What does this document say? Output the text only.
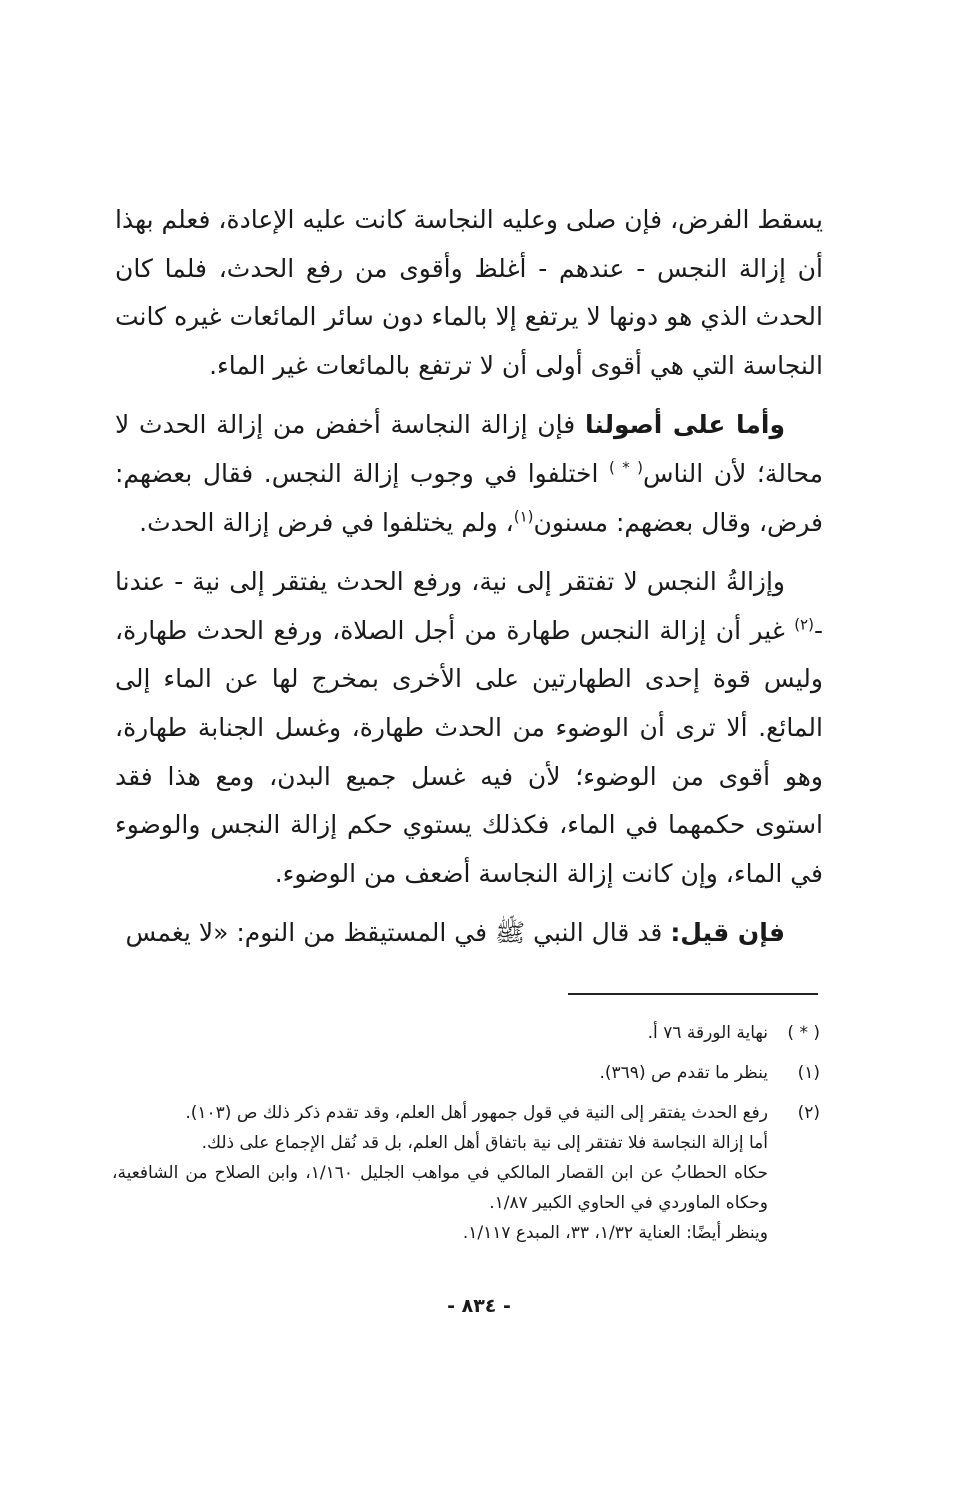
يسقط الفرض، فإن صلى وعليه النجاسة كانت عليه الإعادة، فعلم بهذا أن إزالة النجس - عندهم - أغلظ وأقوى من رفع الحدث، فلما كان الحدث الذي هو دونها لا يرتفع إلا بالماء دون سائر المائعات غيره كانت النجاسة التي هي أقوى أولى أن لا ترتفع بالمائعات غير الماء.

وأما على أصولنا فإن إزالة النجاسة أخفض من إزالة الحدث لا محالة؛ لأن الناس( * ) اختلفوا في وجوب إزالة النجس. فقال بعضهم: فرض، وقال بعضهم: مسنون$^{(١)}$، ولم يختلفوا في فرض إزالة الحدث.

وإزالةُ النجس لا تفتقر إلى نية، ورفع الحدث يفتقر إلى نية - عندنا -$^{(٢)}$ غير أن إزالة النجس طهارة من أجل الصلاة، ورفع الحدث طهارة، وليس قوة إحدى الطهارتين على الأخرى بمخرج لها عن الماء إلى المائع. ألا ترى أن الوضوء من الحدث طهارة، وغسل الجنابة طهارة، وهو أقوى من الوضوء؛ لأن فيه غسل جميع البدن، ومع هذا فقد استوى حكمهما في الماء، فكذلك يستوي حكم إزالة النجس والوضوء في الماء، وإن كانت إزالة النجاسة أضعف من الوضوء.

فإن قيل: قد قال النبي ﷺ في المستيقظ من النوم: «لا يغمس

( * )
نهاية الورقة ٧٦ أ.
(١)
ينظر ما تقدم ص (٣٦٩).
(٢)
رفع الحدث يفتقر إلى النية في قول جمهور أهل العلم، وقد تقدم ذكر ذلك ص (١٠٣).
أما إزالة النجاسة فلا تفتقر إلى نية باتفاق أهل العلم، بل قد نُقل الإجماع على ذلك.
حكاه الحطابُ عن ابن القصار المالكي في مواهب الجليل ١/١٦٠، وابن الصلاح من الشافعية، وحكاه الماوردي في الحاوي الكبير ١/٨٧.
وينظر أيضًا: العناية ١/٣٢، ٣٣، المبدع ١/١١٧.
- ٨٣٤ -
